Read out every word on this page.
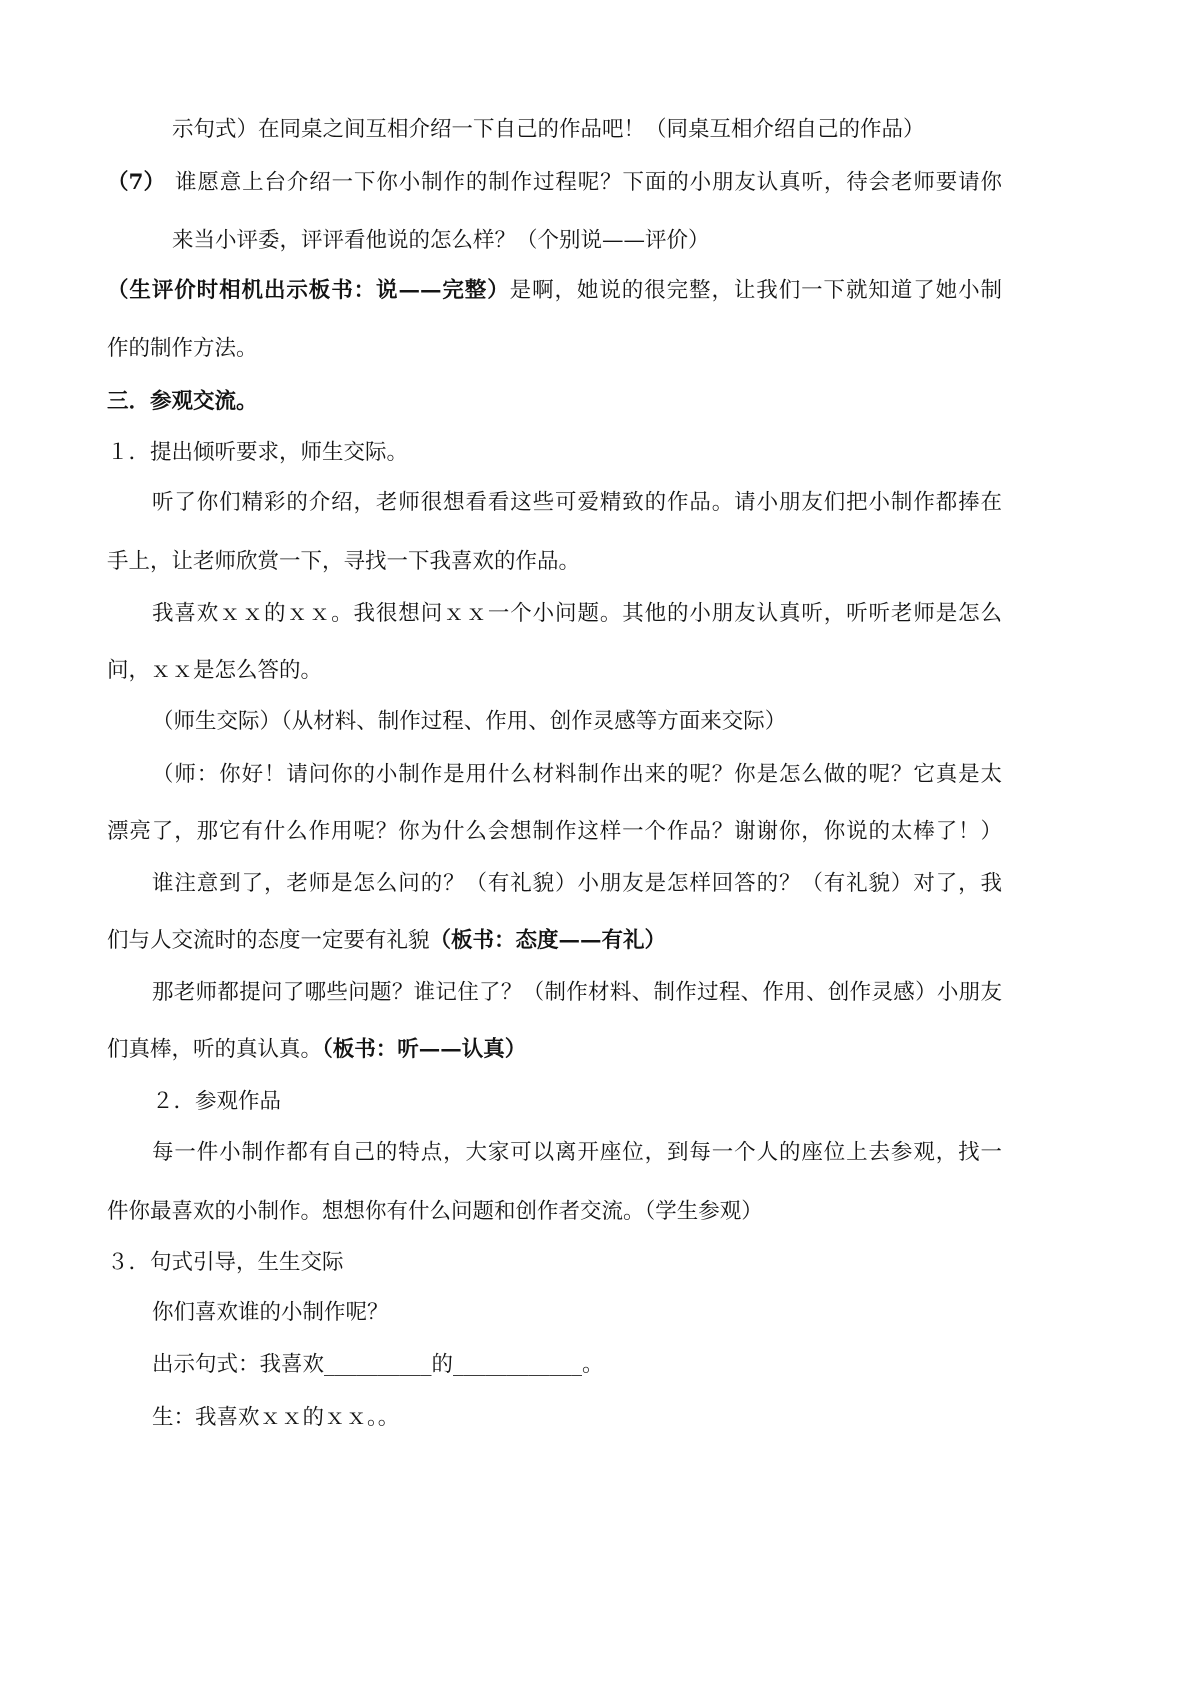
示句式）在同桌之间互相介绍一下自己的作品吧！（同桌互相介绍自己的作品）
（7） 谁愿意上台介绍一下你小制作的制作过程呢？下面的小朋友认真听，待会老师要请你
来当小评委，评评看他说的怎么样？（个别说——评价）
（生评价时相机出示板书：说——完整）是啊，她说的很完整，让我们一下就知道了她小制
作的制作方法。
三．参观交流。
１．提出倾听要求，师生交际。
听了你们精彩的介绍，老师很想看看这些可爱精致的作品。请小朋友们把小制作都捧在
手上，让老师欣赏一下，寻找一下我喜欢的作品。
我喜欢ｘｘ的ｘｘ。我很想问ｘｘ一个小问题。其他的小朋友认真听，听听老师是怎么
问，ｘｘ是怎么答的。
（师生交际）（从材料、制作过程、作用、创作灵感等方面来交际）
（师：你好！请问你的小制作是用什么材料制作出来的呢？你是怎么做的呢？它真是太
漂亮了，那它有什么作用呢？你为什么会想制作这样一个作品？谢谢你，你说的太棒了！）
谁注意到了，老师是怎么问的？（有礼貌）小朋友是怎样回答的？（有礼貌）对了，我
们与人交流时的态度一定要有礼貌（板书：态度——有礼）
那老师都提问了哪些问题？谁记住了？（制作材料、制作过程、作用、创作灵感）小朋友
们真棒，听的真认真。（板书：听——认真）
２．参观作品
每一件小制作都有自己的特点，大家可以离开座位，到每一个人的座位上去参观，找一
件你最喜欢的小制作。想想你有什么问题和创作者交流。（学生参观）
３．句式引导，生生交际
你们喜欢谁的小制作呢？
出示句式：我喜欢__________的____________。
生：我喜欢ｘｘ的ｘｘ。。
